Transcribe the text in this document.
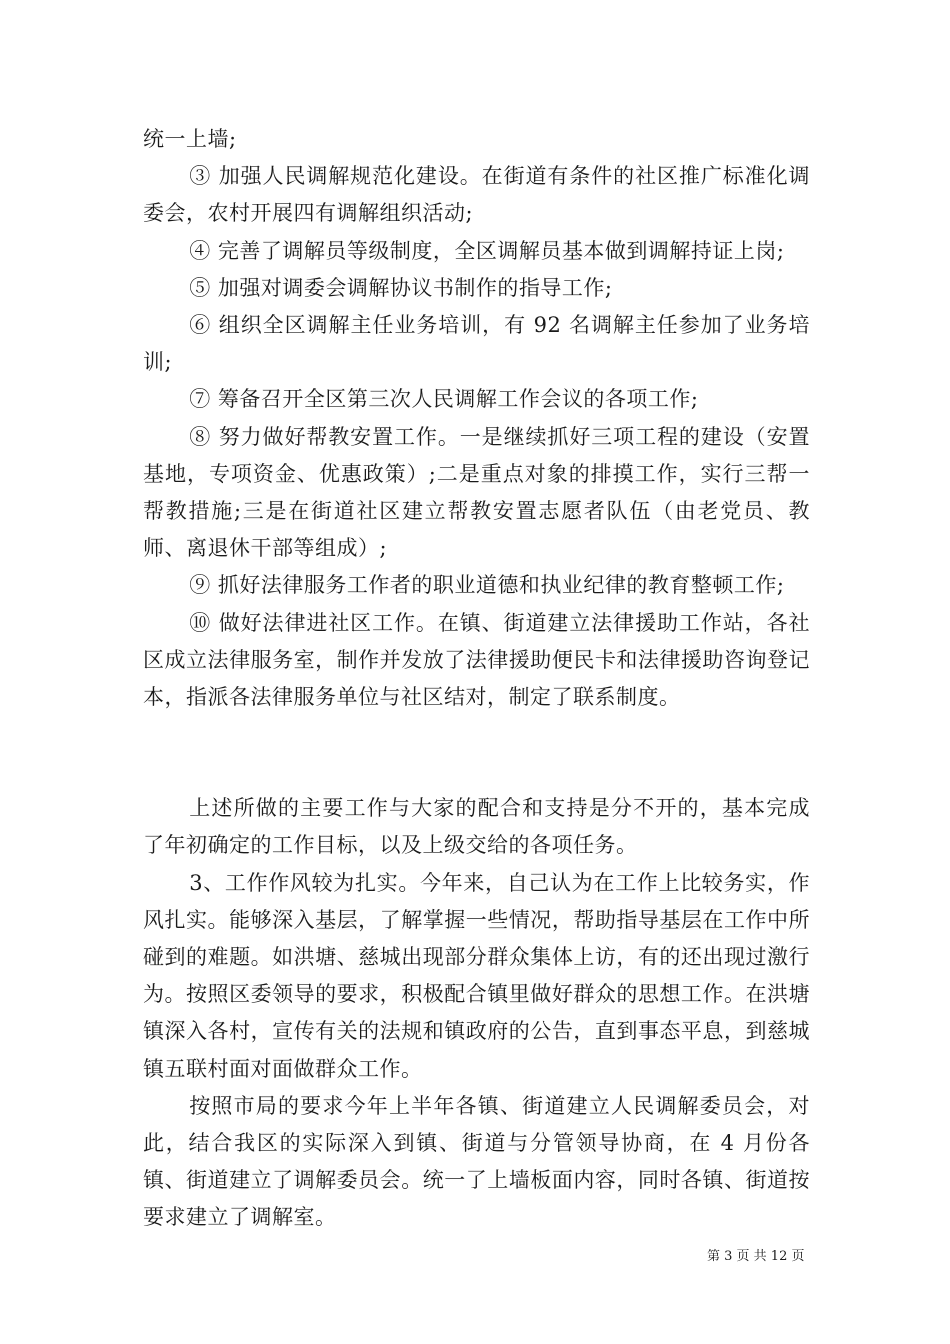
统一上墙;

③ 加强人民调解规范化建设。在街道有条件的社区推广标准化调委会，农村开展四有调解组织活动;

④ 完善了调解员等级制度，全区调解员基本做到调解持证上岗;

⑤ 加强对调委会调解协议书制作的指导工作;

⑥ 组织全区调解主任业务培训，有 92 名调解主任参加了业务培训;

⑦ 筹备召开全区第三次人民调解工作会议的各项工作;

⑧ 努力做好帮教安置工作。一是继续抓好三项工程的建设（安置基地，专项资金、优惠政策）;二是重点对象的排摸工作，实行三帮一帮教措施;三是在街道社区建立帮教安置志愿者队伍（由老党员、教师、离退休干部等组成）;

⑨ 抓好法律服务工作者的职业道德和执业纪律的教育整顿工作;

⑩ 做好法律进社区工作。在镇、街道建立法律援助工作站，各社区成立法律服务室，制作并发放了法律援助便民卡和法律援助咨询登记本，指派各法律服务单位与社区结对，制定了联系制度。

上述所做的主要工作与大家的配合和支持是分不开的，基本完成了年初确定的工作目标，以及上级交给的各项任务。

3、工作作风较为扎实。今年来，自己认为在工作上比较务实，作风扎实。能够深入基层，了解掌握一些情况，帮助指导基层在工作中所碰到的难题。如洪塘、慈城出现部分群众集体上访，有的还出现过激行为。按照区委领导的要求，积极配合镇里做好群众的思想工作。在洪塘镇深入各村，宣传有关的法规和镇政府的公告，直到事态平息，到慈城镇五联村面对面做群众工作。

按照市局的要求今年上半年各镇、街道建立人民调解委员会，对此，结合我区的实际深入到镇、街道与分管领导协商，在 4 月份各镇、街道建立了调解委员会。统一了上墙板面内容，同时各镇、街道按要求建立了调解室。

第 3 页 共 12 页
